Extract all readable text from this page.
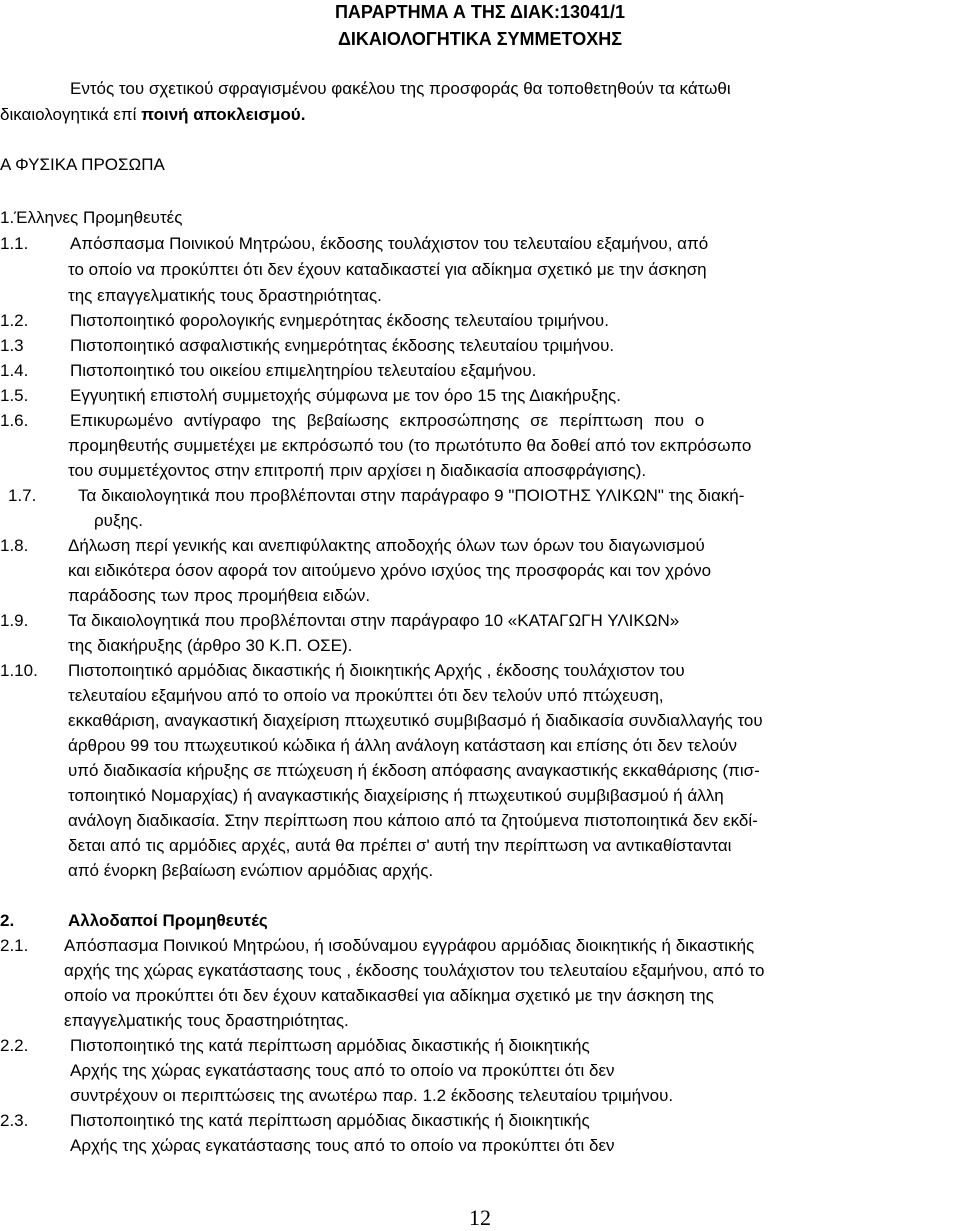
ΠΑΡΑΡΤΗΜΑ Α ΤΗΣ ΔΙΑΚ:13041/1
ΔΙΚΑΙΟΛΟΓΗΤΙΚΑ ΣΥΜΜΕΤΟΧΗΣ
Εντός του σχετικού σφραγισμένου φακέλου της προσφοράς θα τοποθετηθούν τα κάτωθι
δικαιολογητικά επί ποινή αποκλεισμού.
Α ΦΥΣΙΚΑ ΠΡΟΣΩΠΑ
1.Έλληνες Προμηθευτές
1.1. Απόσπασμα Ποινικού Μητρώου, έκδοσης τουλάχιστον του τελευταίου εξαμήνου, από
το οποίο να προκύπτει ότι δεν έχουν καταδικαστεί για αδίκημα σχετικό με την άσκηση
της επαγγελματικής τους δραστηριότητας.
1.2. Πιστοποιητικό φορολογικής ενημερότητας έκδοσης τελευταίου τριμήνου.
1.3	Πιστοποιητικό ασφαλιστικής ενημερότητας έκδοσης τελευταίου τριμήνου.
1.4. Πιστοποιητικό του οικείου επιμελητηρίου τελευταίου εξαμήνου.
1.5. Εγγυητική επιστολή συμμετοχής σύμφωνα με τον όρο 15 της Διακήρυξης.
1.6. Επικυρωμένο αντίγραφο της βεβαίωσης εκπροσώπησης σε περίπτωση που ο
προμηθευτής συμμετέχει με εκπρόσωπό του (το πρωτότυπο θα δοθεί από τον εκπρόσωπο
του συμμετέχοντος στην επιτροπή πριν αρχίσει η διαδικασία αποσφράγισης).
1.7. Τα δικαιολογητικά που προβλέπονται στην παράγραφο 9 "ΠΟΙΟΤΗΣ ΥΛΙΚΩΝ" της διακή-
ρυξης.
1.8. Δήλωση περί γενικής και ανεπιφύλακτης αποδοχής όλων των όρων του διαγωνισμού
και ειδικότερα όσον αφορά τον αιτούμενο χρόνο ισχύος της προσφοράς και τον χρόνο
παράδοσης των προς προμήθεια ειδών.
1.9. Τα δικαιολογητικά που προβλέπονται στην παράγραφο 10 «ΚΑΤΑΓΩΓΗ ΥΛΙΚΩΝ»
της διακήρυξης (άρθρο 30 Κ.Π. ΟΣΕ).
1.10. Πιστοποιητικό αρμόδιας δικαστικής ή διοικητικής Αρχής , έκδοσης τουλάχιστον του
τελευταίου εξαμήνου από το οποίο να προκύπτει ότι δεν τελούν υπό πτώχευση,
εκκαθάριση, αναγκαστική διαχείριση πτωχευτικό συμβιβασμό ή διαδικασία συνδιαλλαγής του
άρθρου 99 του πτωχευτικού κώδικα ή άλλη ανάλογη κατάσταση και επίσης ότι δεν τελούν
υπό διαδικασία κήρυξης σε πτώχευση ή έκδοση απόφασης αναγκαστικής εκκαθάρισης (πισ-
τοποιητικό Νομαρχίας) ή αναγκαστικής διαχείρισης ή πτωχευτικού συμβιβασμού ή άλλη
ανάλογη διαδικασία. Στην περίπτωση που κάποιο από τα ζητούμενα πιστοποιητικά δεν εκδί-
δεται από τις αρμόδιες αρχές, αυτά θα πρέπει σ' αυτή την περίπτωση να αντικαθίστανται
από ένορκη βεβαίωση ενώπιον αρμόδιας αρχής.
2.	Αλλοδαποί Προμηθευτές
2.1. Απόσπασμα Ποινικού Μητρώου, ή ισοδύναμου εγγράφου αρμόδιας διοικητικής ή δικαστικής
αρχής της χώρας εγκατάστασης τους , έκδοσης τουλάχιστον του τελευταίου εξαμήνου, από το
οποίο να προκύπτει ότι δεν έχουν καταδικασθεί για αδίκημα σχετικό με την άσκηση της
επαγγελματικής τους δραστηριότητας.
2.2. Πιστοποιητικό της κατά περίπτωση αρμόδιας δικαστικής ή διοικητικής
Αρχής της χώρας εγκατάστασης τους από το οποίο να προκύπτει ότι δεν
συντρέχουν οι περιπτώσεις της ανωτέρω παρ. 1.2 έκδοσης τελευταίου τριμήνου.
2.3. Πιστοποιητικό της κατά περίπτωση αρμόδιας δικαστικής ή διοικητικής
Αρχής της χώρας εγκατάστασης τους από το οποίο να προκύπτει ότι δεν
12
